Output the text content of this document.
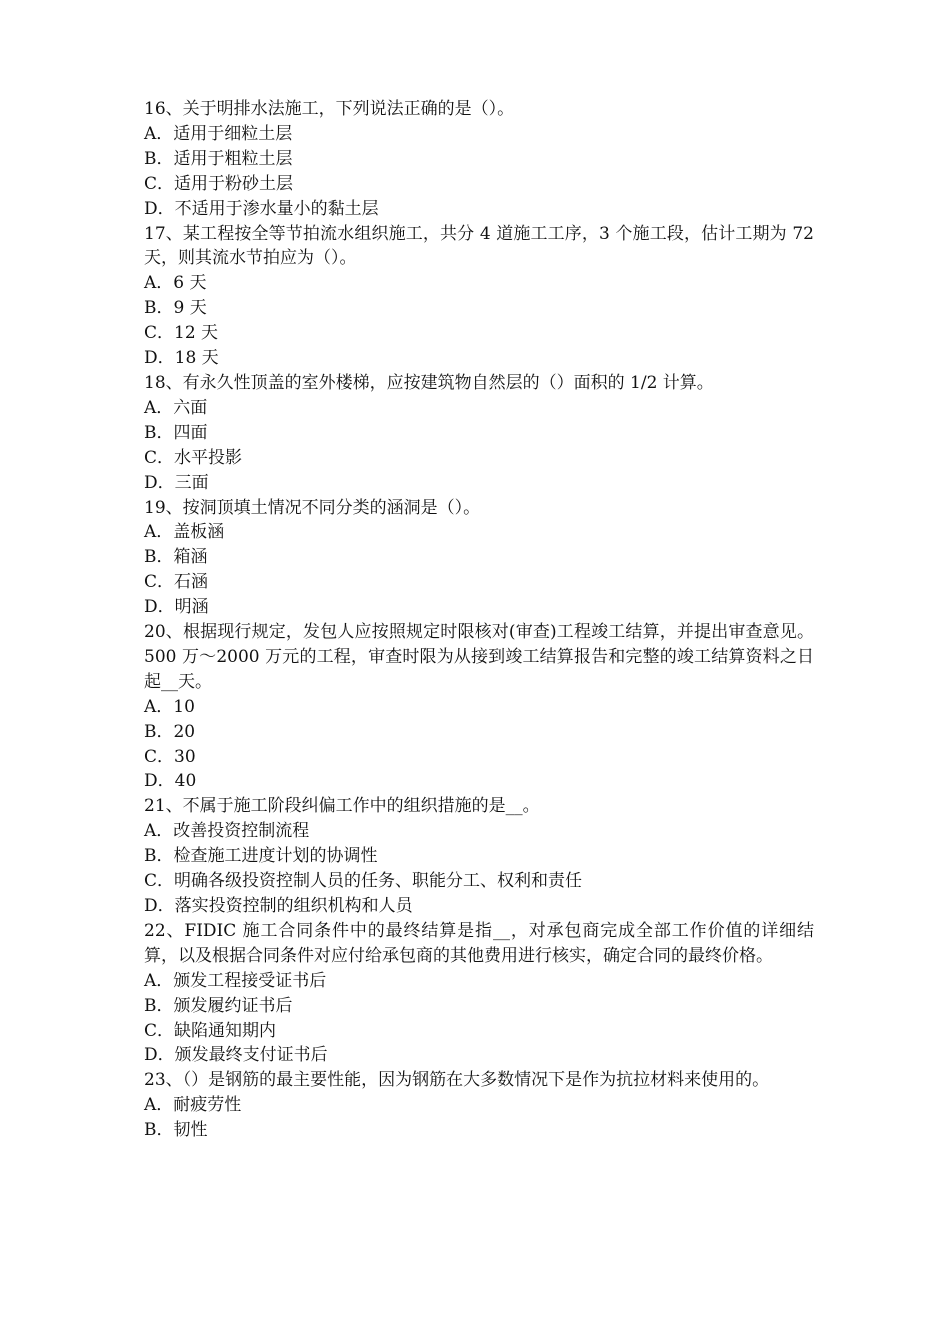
16、关于明排水法施工，下列说法正确的是（）。

A．适用于细粒土层

B．适用于粗粒土层

C．适用于粉砂土层

D．不适用于渗水量小的黏土层

17、某工程按全等节拍流水组织施工，共分 4 道施工工序，3 个施工段，估计工期为 72 天，则其流水节拍应为（）。

A．6 天

B．9 天

C．12 天

D．18 天

18、有永久性顶盖的室外楼梯，应按建筑物自然层的（）面积的 1/2 计算。

A．六面

B．四面

C．水平投影

D．三面

19、按洞顶填土情况不同分类的涵洞是（）。

A．盖板涵

B．箱涵

C．石涵

D．明涵

20、根据现行规定，发包人应按照规定时限核对(审查)工程竣工结算，并提出审查意见。500 万～2000 万元的工程，审查时限为从接到竣工结算报告和完整的竣工结算资料之日起__天。

A．10

B．20

C．30

D．40

21、不属于施工阶段纠偏工作中的组织措施的是__。

A．改善投资控制流程

B．检查施工进度计划的协调性

C．明确各级投资控制人员的任务、职能分工、权利和责任

D．落实投资控制的组织机构和人员

22、FIDIC 施工合同条件中的最终结算是指__，对承包商完成全部工作价值的详细结算，以及根据合同条件对应付给承包商的其他费用进行核实，确定合同的最终价格。

A．颁发工程接受证书后

B．颁发履约证书后

C．缺陷通知期内

D．颁发最终支付证书后

23、（）是钢筋的最主要性能，因为钢筋在大多数情况下是作为抗拉材料来使用的。

A．耐疲劳性

B．韧性
